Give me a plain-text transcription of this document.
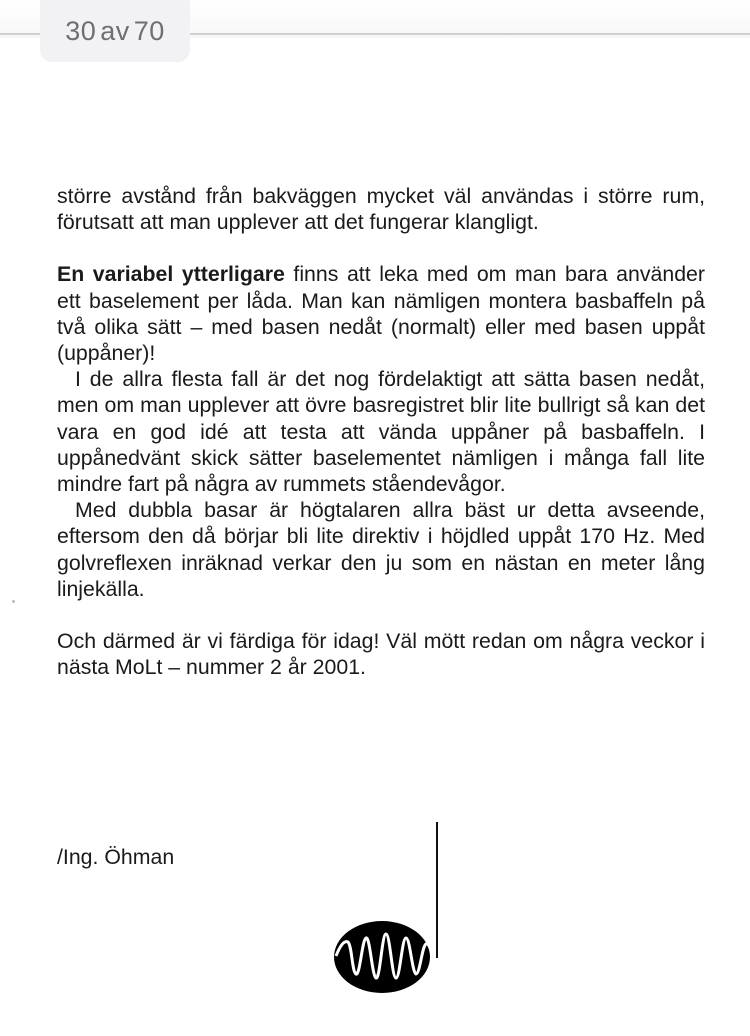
30 av 70

större avstånd från bakväggen mycket väl användas i större rum, förutsatt att man upplever att det fungerar klangligt.

En variabel ytterligare finns att leka med om man bara använder ett baselement per låda. Man kan nämligen montera basbaffeln på två olika sätt – med basen nedåt (normalt) eller med basen uppåt (uppåner)!

I de allra flesta fall är det nog fördelaktigt att sätta basen nedåt, men om man upplever att övre basregistret blir lite bullrigt så kan det vara en god idé att testa att vända uppåner på basbaffeln. I uppånedvänt skick sätter baselementet nämligen i många fall lite mindre fart på några av rummets ståendevågor.

Med dubbla basar är högtalaren allra bäst ur detta avseende, eftersom den då börjar bli lite direktiv i höjdled uppåt 170 Hz. Med golvreflexen inräknad verkar den ju som en nästan en meter lång linjekälla.

Och därmed är vi färdiga för idag! Väl mött redan om några veckor i nästa MoLt – nummer 2 år 2001.

/Ing. Öhman
